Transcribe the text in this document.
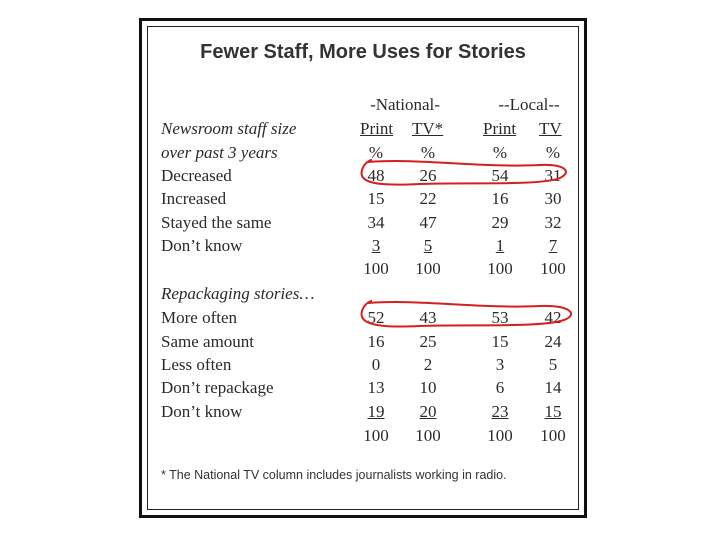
Fewer Staff, More Uses for Stories
-National-	--Local--
Print TV* Print TV
Newsroom staff size
over past 3 years	%	%	%	%
Decreased	48	26	54	31
Increased	15	22	16	30
Stayed the same	34	47	29	32
Don’t know	3	5	1	7
100	100	100	100
Repackaging stories…
More often	52	43	53	42
Same amount	16	25	15	24
Less often	0	2	3	5
Don’t repackage	13	10	6	14
Don’t know	19	20	23	15
100	100	100	100
* The National TV column includes journalists working in radio.
